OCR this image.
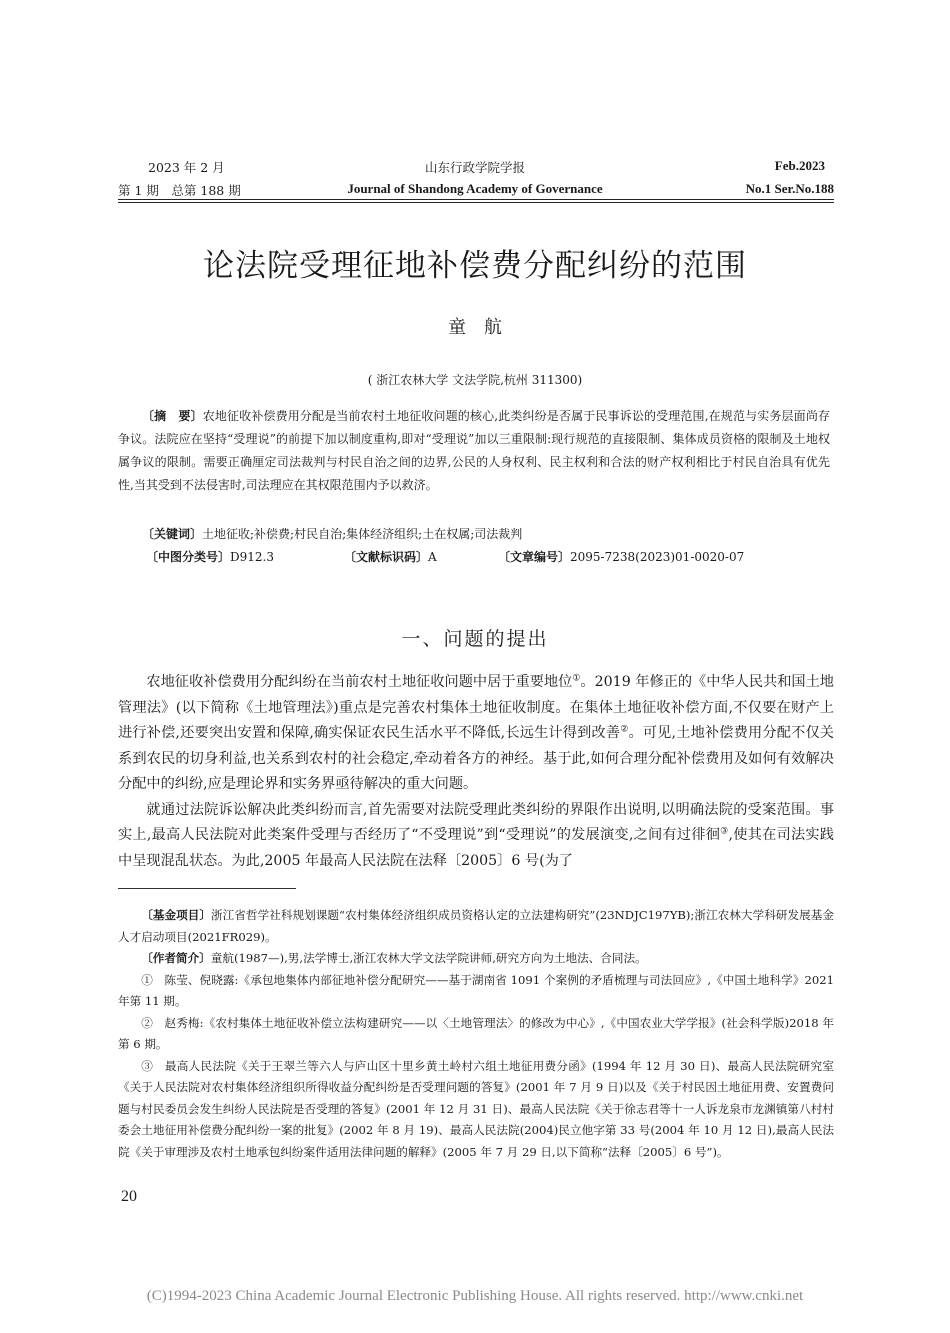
2023 年 2 月	山东行政学院学报	Feb.2023
第 1 期　总第 188 期	Journal of Shandong Academy of Governance	No.1 Ser.No.188
论法院受理征地补偿费分配纠纷的范围
童航
( 浙江农林大学 文法学院,杭州 311300)
〔摘　要〕农地征收补偿费用分配是当前农村土地征收问题的核心,此类纠纷是否属于民事诉讼的受理范围,在规范与实务层面尚存争议。法院应在坚持“受理说”的前提下加以制度重构,即对“受理说”加以三重限制:现行规范的直接限制、集体成员资格的限制及土地权属争议的限制。需要正确厘定司法裁判与村民自治之间的边界,公民的人身权利、民主权利和合法的财产权利相比于村民自治具有优先性,当其受到不法侵害时,司法理应在其权限范围内予以救济。
〔关键词〕土地征收;补偿费;村民自治;集体经济组织;土在权属;司法裁判
〔中图分类号〕D912.3	〔文献标识码〕A	〔文章编号〕2095-7238(2023)01-0020-07
一、问题的提出

农地征收补偿费用分配纠纷在当前农村土地征收问题中居于重要地位①。2019 年修正的《中华人民共和国土地管理法》(以下简称《土地管理法》)重点是完善农村集体土地征收制度。在集体土地征收补偿方面,不仅要在财产上进行补偿,还要突出安置和保障,确实保证农民生活水平不降低,长远生计得到改善②。可见,土地补偿费用分配不仅关系到农民的切身利益,也关系到农村的社会稳定,牵动着各方的神经。基于此,如何合理分配补偿费用及如何有效解决分配中的纠纷,应是理论界和实务界亟待解决的重大问题。

就通过法院诉讼解决此类纠纷而言,首先需要对法院受理此类纠纷的界限作出说明,以明确法院的受案范围。事实上,最高人民法院对此类案件受理与否经历了“不受理说”到“受理说”的发展演变,之间有过徘徊③,使其在司法实践中呈现混乱状态。为此,2005 年最高人民法院在法释〔2005〕6 号(为了

〔基金项目〕浙江省哲学社科规划课题“农村集体经济组织成员资格认定的立法建构研究”(23NDJC197YB);浙江农林大学科研发展基金人才启动项目(2021FR029)。

〔作者简介〕童航(1987—),男,法学博士,浙江农林大学文法学院讲师,研究方向为土地法、合同法。

①　陈莹、倪晓露:《承包地集体内部征地补偿分配研究——基于湖南省 1091 个案例的矛盾梳理与司法回应》,《中国土地科学》2021 年第 11 期。

②　赵秀梅:《农村集体土地征收补偿立法构建研究——以〈土地管理法〉的修改为中心》,《中国农业大学学报》(社会科学版)2018 年第 6 期。

③　最高人民法院《关于王翠兰等六人与庐山区十里乡黄土岭村六组土地征用费分函》(1994 年 12 月 30 日)、最高人民法院研究室《关于人民法院对农村集体经济组织所得收益分配纠纷是否受理问题的答复》(2001 年 7 月 9 日)以及《关于村民因土地征用费、安置费问题与村民委员会发生纠纷人民法院是否受理的答复》(2001 年 12 月 31 日)、最高人民法院《关于徐志君等十一人诉龙泉市龙渊镇第八村村委会土地征用补偿费分配纠纷一案的批复》(2002 年 8 月 19)、最高人民法院(2004)民立他字第 33 号(2004 年 10 月 12 日),最高人民法院《关于审理涉及农村土地承包纠纷案件适用法律问题的解释》(2005 年 7 月 29 日,以下简称“法释〔2005〕6 号”)。

20
(C)1994-2023 China Academic Journal Electronic Publishing House. All rights reserved. http://www.cnki.net
